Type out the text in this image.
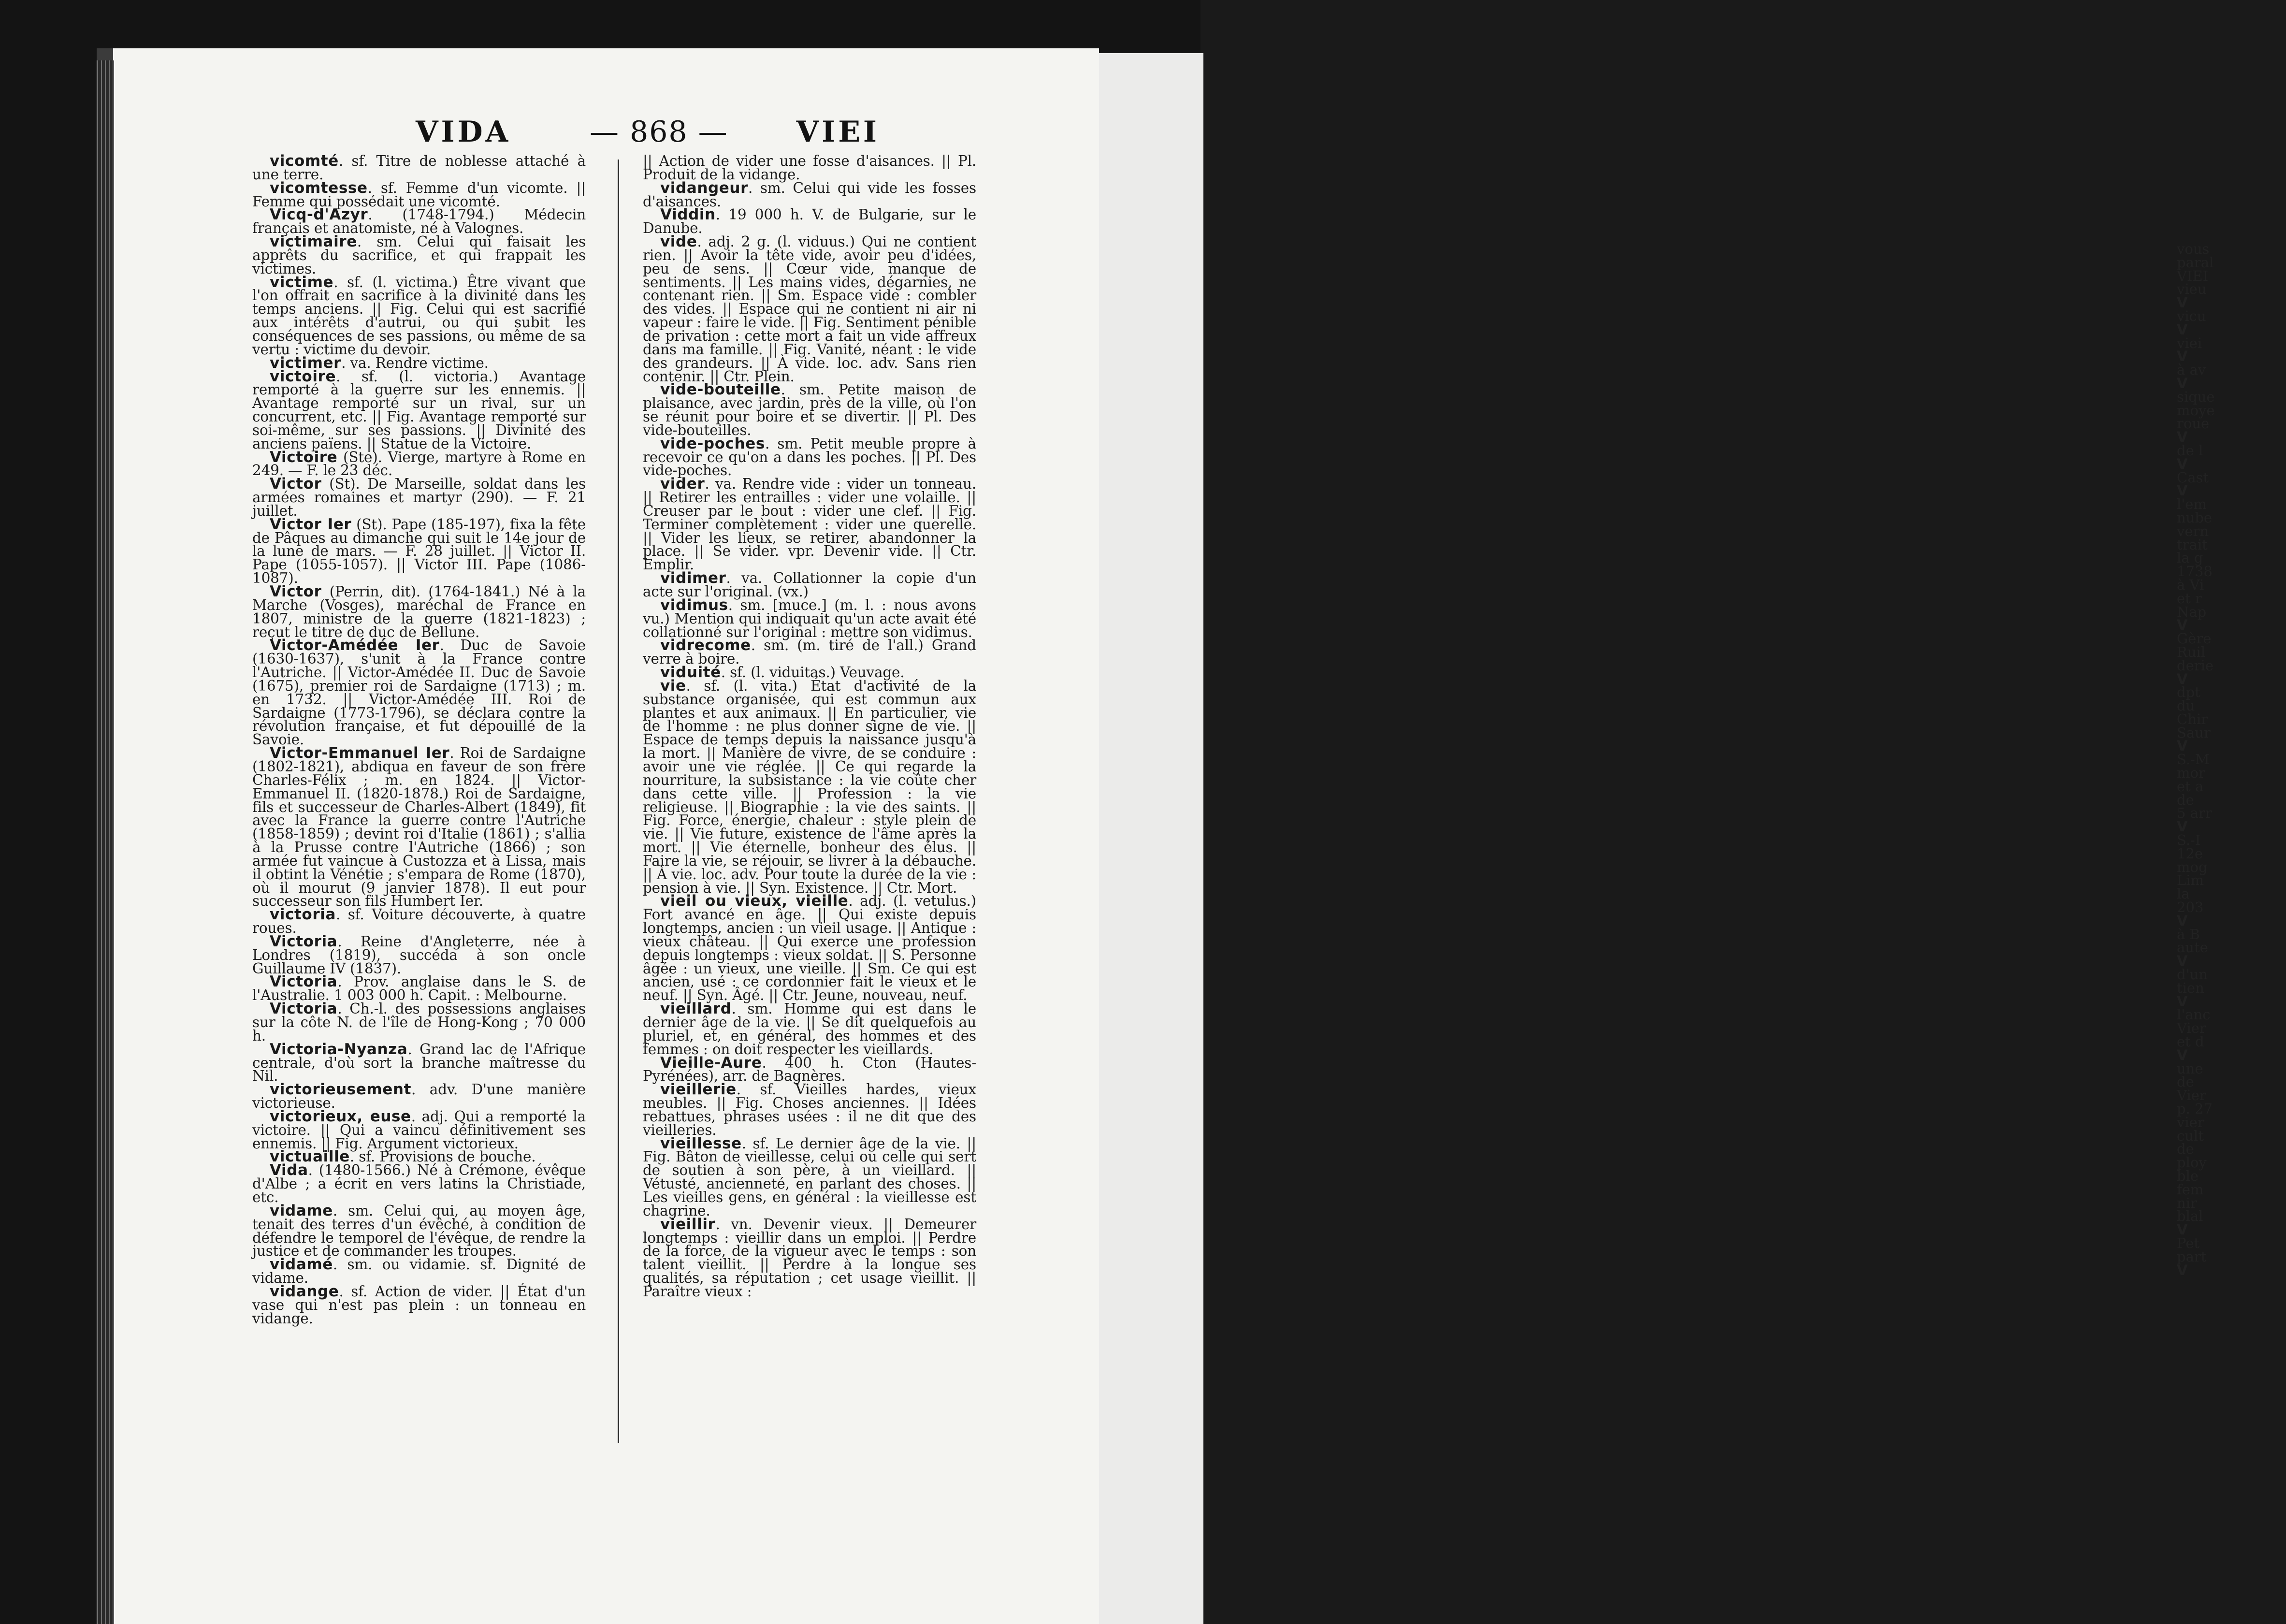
vous
paral
VIEI
vieu
V
vicu
V
viei
V
à av
V
sique
moye
roue
V
de l
V
Cast
V
l'em
nube
vern
trait
la g
1738
à Vi
et r
Nap
V
Gère
Ruil
derie
V
dpt
du
Chir
Saur
V
S.-M
mor
et a
de
5 arr
V
S.-I
12e
mog
Lim
la
203
V
à B
aute
V
d'un
tien
V
l'anc
Vier
et d
V
une
de
Vier
p. 27
vier
cult
de
ploy
ble
fem
nir
blal
V
Pet
part
V
VIDA	— 868 — VIEI

vicomté. sf. Titre de noblesse attaché à une terre.

vicomtesse. sf. Femme d'un vicomte. || Femme qui possédait une vicomté.

Vicq-d'Azyr. (1748-1794.) Médecin français et anatomiste, né à Valognes.

victimaire. sm. Celui qui faisait les apprêts du sacrifice, et qui frappait les victimes.

victime. sf. (l. victima.) Être vivant que l'on offrait en sacrifice à la divinité dans les temps anciens. || Fig. Celui qui est sacrifié aux intérêts d'autrui, ou qui subit les conséquences de ses passions, ou même de sa vertu : victime du devoir.

victimer. va. Rendre victime.

victoire. sf. (l. victoria.) Avantage remporté à la guerre sur les ennemis. || Avantage remporté sur un rival, sur un concurrent, etc. || Fig. Avantage remporté sur soi-même, sur ses passions. || Divinité des anciens païens. || Statue de la Victoire.

Victoire (Ste). Vierge, martyre à Rome en 249. — F. le 23 déc.

Victor (St). De Marseille, soldat dans les armées romaines et martyr (290). — F. 21 juillet.

Victor Ier (St). Pape (185-197), fixa la fête de Pâques au dimanche qui suit le 14e jour de la lune de mars. — F. 28 juillet. || Victor II. Pape (1055-1057). || Victor III. Pape (1086-1087).

Victor (Perrin, dit). (1764-1841.) Né à la Marche (Vosges), maréchal de France en 1807, ministre de la guerre (1821-1823) ; reçut le titre de duc de Bellune.

Victor-Amédée Ier. Duc de Savoie (1630-1637), s'unit à la France contre l'Autriche. || Victor-Amédée II. Duc de Savoie (1675), premier roi de Sardaigne (1713) ; m. en 1732. || Victor-Amédée III. Roi de Sardaigne (1773-1796), se déclara contre la révolution française, et fut dépouillé de la Savoie.

Victor-Emmanuel Ier. Roi de Sardaigne (1802-1821), abdiqua en faveur de son frère Charles-Félix ; m. en 1824. || Victor-Emmanuel II. (1820-1878.) Roi de Sardaigne, fils et successeur de Charles-Albert (1849), fit avec la France la guerre contre l'Autriche (1858-1859) ; devint roi d'Italie (1861) ; s'allia à la Prusse contre l'Autriche (1866) ; son armée fut vaincue à Custozza et à Lissa, mais il obtint la Vénétie ; s'empara de Rome (1870), où il mourut (9 janvier 1878). Il eut pour successeur son fils Humbert Ier.

victoria. sf. Voiture découverte, à quatre roues.

Victoria. Reine d'Angleterre, née à Londres (1819), succéda à son oncle Guillaume IV (1837).

Victoria. Prov. anglaise dans le S. de l'Australie. 1 003 000 h. Capit. : Melbourne.

Victoria. Ch.-l. des possessions anglaises sur la côte N. de l'île de Hong-Kong ; 70 000 h.

Victoria-Nyanza. Grand lac de l'Afrique centrale, d'où sort la branche maîtresse du Nil.

victorieusement. adv. D'une manière victorieuse.

victorieux, euse. adj. Qui a remporté la victoire. || Qui a vaincu définitivement ses ennemis. || Fig. Argument victorieux.

victuaille. sf. Provisions de bouche.

Vida. (1480-1566.) Né à Crémone, évêque d'Albe ; a écrit en vers latins la Christiade, etc.

vidame. sm. Celui qui, au moyen âge, tenait des terres d'un évêché, à condition de défendre le temporel de l'évêque, de rendre la justice et de commander les troupes.

vidamé. sm. ou vidamie. sf. Dignité de vidame.

vidange. sf. Action de vider. || État d'un vase qui n'est pas plein : un tonneau en vidange.

|| Action de vider une fosse d'aisances. || Pl. Produit de la vidange.

vidangeur. sm. Celui qui vide les fosses d'aisances.

Viddin. 19 000 h. V. de Bulgarie, sur le Danube.

vide. adj. 2 g. (l. viduus.) Qui ne contient rien. || Avoir la tête vide, avoir peu d'idées, peu de sens. || Cœur vide, manque de sentiments. || Les mains vides, dégarnies, ne contenant rien. || Sm. Espace vide : combler des vides. || Espace qui ne contient ni air ni vapeur : faire le vide. || Fig. Sentiment pénible de privation : cette mort a fait un vide affreux dans ma famille. || Fig. Vanité, néant : le vide des grandeurs. || À vide. loc. adv. Sans rien contenir. || Ctr. Plein.

vide-bouteille. sm. Petite maison de plaisance, avec jardin, près de la ville, où l'on se réunit pour boire et se divertir. || Pl. Des vide-bouteilles.

vide-poches. sm. Petit meuble propre à recevoir ce qu'on a dans les poches. || Pl. Des vide-poches.

vider. va. Rendre vide : vider un tonneau. || Retirer les entrailles : vider une volaille. || Creuser par le bout : vider une clef. || Fig. Terminer complètement : vider une querelle. || Vider les lieux, se retirer, abandonner la place. || Se vider. vpr. Devenir vide. || Ctr. Emplir.

vidimer. va. Collationner la copie d'un acte sur l'original. (vx.)

vidimus. sm. [muce.] (m. l. : nous avons vu.) Mention qui indiquait qu'un acte avait été collationné sur l'original : mettre son vidimus.

vidrecome. sm. (m. tiré de l'all.) Grand verre à boire.

viduité. sf. (l. viduitas.) Veuvage.

vie. sf. (l. vita.) État d'activité de la substance organisée, qui est commun aux plantes et aux animaux. || En particulier, vie de l'homme : ne plus donner signe de vie. || Espace de temps depuis la naissance jusqu'à la mort. || Manière de vivre, de se conduire : avoir une vie réglée. || Ce qui regarde la nourriture, la subsistance : la vie coûte cher dans cette ville. || Profession : la vie religieuse. || Biographie : la vie des saints. || Fig. Force, énergie, chaleur : style plein de vie. || Vie future, existence de l'âme après la mort. || Vie éternelle, bonheur des élus. || Faire la vie, se réjouir, se livrer à la débauche. || À vie. loc. adv. Pour toute la durée de la vie : pension à vie. || Syn. Existence. || Ctr. Mort.

vieil ou vieux, vieille. adj. (l. vetulus.) Fort avancé en âge. || Qui existe depuis longtemps, ancien : un vieil usage. || Antique : vieux château. || Qui exerce une profession depuis longtemps : vieux soldat. || S. Personne âgée : un vieux, une vieille. || Sm. Ce qui est ancien, usé : ce cordonnier fait le vieux et le neuf. || Syn. Âgé. || Ctr. Jeune, nouveau, neuf.

vieillard. sm. Homme qui est dans le dernier âge de la vie. || Se dit quelquefois au pluriel, et, en général, des hommes et des femmes : on doit respecter les vieillards.

Vieille-Aure. 400 h. Cton (Hautes-Pyrénées), arr. de Bagnères.

vieillerie. sf. Vieilles hardes, vieux meubles. || Fig. Choses anciennes. || Idées rebattues, phrases usées : il ne dit que des vieilleries.

vieillesse. sf. Le dernier âge de la vie. || Fig. Bâton de vieillesse, celui ou celle qui sert de soutien à son père, à un vieillard. || Vétusté, ancienneté, en parlant des choses. || Les vieilles gens, en général : la vieillesse est chagrine.

vieillir. vn. Devenir vieux. || Demeurer longtemps : vieillir dans un emploi. || Perdre de la force, de la vigueur avec le temps : son talent vieillit. || Perdre à la longue ses qualités, sa réputation ; cet usage vieillit. || Paraître vieux :
